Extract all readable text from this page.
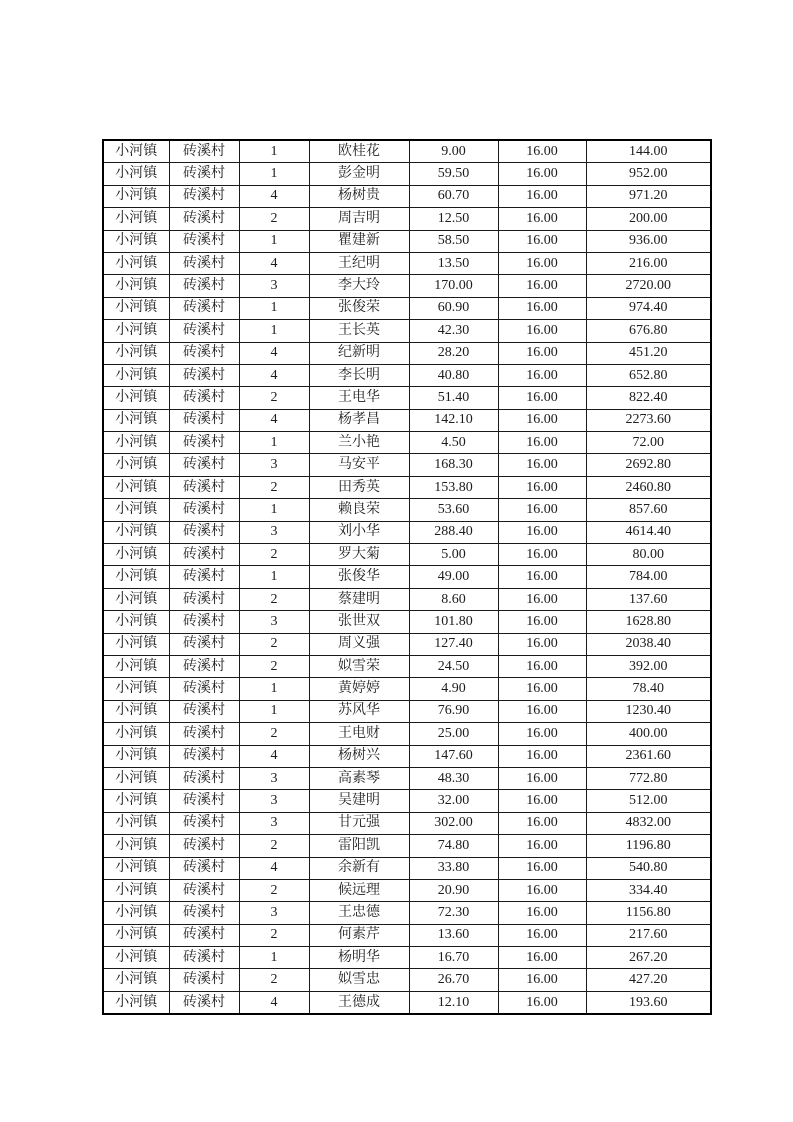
小河镇	砖溪村	1	欧桂花	9.00	16.00	144.00
小河镇	砖溪村	1	彭金明	59.50	16.00	952.00
小河镇	砖溪村	4	杨树贵	60.70	16.00	971.20
小河镇	砖溪村	2	周吉明	12.50	16.00	200.00
小河镇	砖溪村	1	瞿建新	58.50	16.00	936.00
小河镇	砖溪村	4	王纪明	13.50	16.00	216.00
小河镇	砖溪村	3	李大玲	170.00	16.00	2720.00
小河镇	砖溪村	1	张俊荣	60.90	16.00	974.40
小河镇	砖溪村	1	王长英	42.30	16.00	676.80
小河镇	砖溪村	4	纪新明	28.20	16.00	451.20
小河镇	砖溪村	4	李长明	40.80	16.00	652.80
小河镇	砖溪村	2	王电华	51.40	16.00	822.40
小河镇	砖溪村	4	杨孝昌	142.10	16.00	2273.60
小河镇	砖溪村	1	兰小艳	4.50	16.00	72.00
小河镇	砖溪村	3	马安平	168.30	16.00	2692.80
小河镇	砖溪村	2	田秀英	153.80	16.00	2460.80
小河镇	砖溪村	1	赖良荣	53.60	16.00	857.60
小河镇	砖溪村	3	刘小华	288.40	16.00	4614.40
小河镇	砖溪村	2	罗大菊	5.00	16.00	80.00
小河镇	砖溪村	1	张俊华	49.00	16.00	784.00
小河镇	砖溪村	2	蔡建明	8.60	16.00	137.60
小河镇	砖溪村	3	张世双	101.80	16.00	1628.80
小河镇	砖溪村	2	周义强	127.40	16.00	2038.40
小河镇	砖溪村	2	姒雪荣	24.50	16.00	392.00
小河镇	砖溪村	1	黄婷婷	4.90	16.00	78.40
小河镇	砖溪村	1	苏风华	76.90	16.00	1230.40
小河镇	砖溪村	2	王电财	25.00	16.00	400.00
小河镇	砖溪村	4	杨树兴	147.60	16.00	2361.60
小河镇	砖溪村	3	高素琴	48.30	16.00	772.80
小河镇	砖溪村	3	吴建明	32.00	16.00	512.00
小河镇	砖溪村	3	甘元强	302.00	16.00	4832.00
小河镇	砖溪村	2	雷阳凯	74.80	16.00	1196.80
小河镇	砖溪村	4	余新有	33.80	16.00	540.80
小河镇	砖溪村	2	候远理	20.90	16.00	334.40
小河镇	砖溪村	3	王忠德	72.30	16.00	1156.80
小河镇	砖溪村	2	何素芹	13.60	16.00	217.60
小河镇	砖溪村	1	杨明华	16.70	16.00	267.20
小河镇	砖溪村	2	姒雪忠	26.70	16.00	427.20
小河镇	砖溪村	4	王德成	12.10	16.00	193.60
